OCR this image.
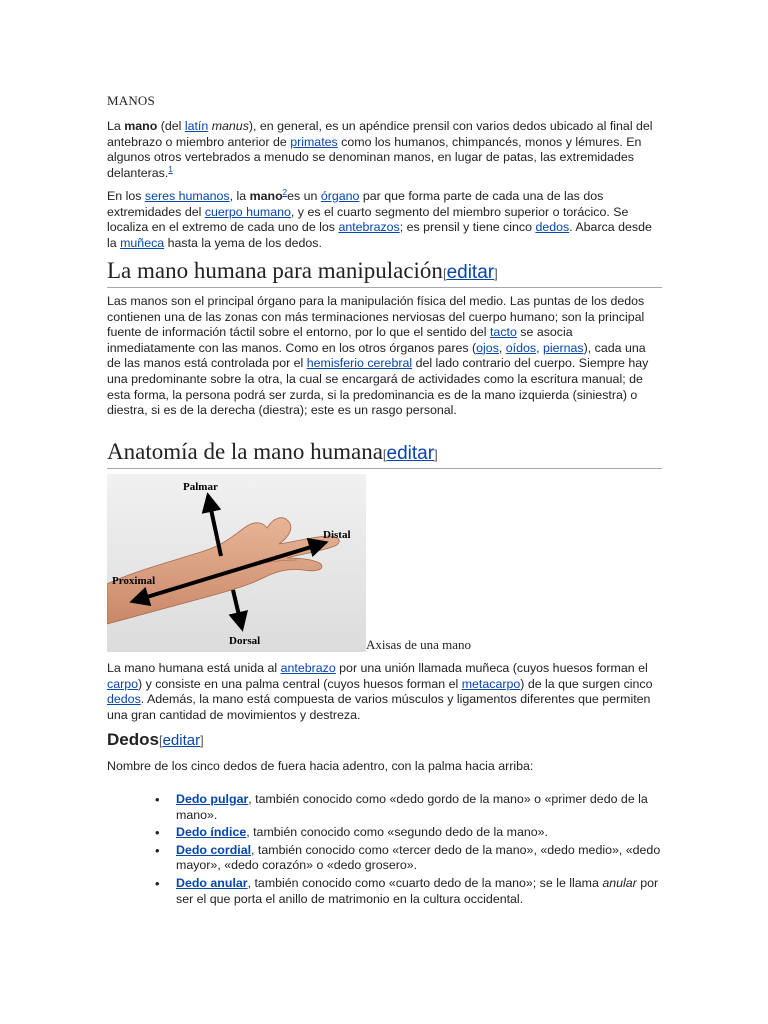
MANOS

La mano (del latín manus), en general, es un apéndice prensil con varios dedos ubicado al final del antebrazo o miembro anterior de primates como los humanos, chimpancés, monos y lémures. En algunos otros vertebrados a menudo se denominan manos, en lugar de patas, las extremidades delanteras.$^1$

En los seres humanos, la mano$^2$es un órgano par que forma parte de cada una de las dos extremidades del cuerpo humano, y es el cuarto segmento del miembro superior o torácico. Se localiza en el extremo de cada uno de los antebrazos; es prensil y tiene cinco dedos. Abarca desde la muñeca hasta la yema de los dedos.

La mano humana para manipulación[editar]

Las manos son el principal órgano para la manipulación física del medio. Las puntas de los dedos contienen una de las zonas con más terminaciones nerviosas del cuerpo humano; son la principal fuente de información táctil sobre el entorno, por lo que el sentido del tacto se asocia inmediatamente con las manos. Como en los otros órganos pares (ojos, oídos, piernas), cada una de las manos está controlada por el hemisferio cerebral del lado contrario del cuerpo. Siempre hay una predominante sobre la otra, la cual se encargará de actividades como la escritura manual; de esta forma, la persona podrá ser zurda, si la predominancia es de la mano izquierda (siniestra) o diestra, si es de la derecha (diestra); este es un rasgo personal.

Anatomía de la mano humana[editar]
Palmar
Distal
Proximal
Dorsal	Axisas de una mano

La mano humana está unida al antebrazo por una unión llamada muñeca (cuyos huesos forman el carpo) y consiste en una palma central (cuyos huesos forman el metacarpo) de la que surgen cinco dedos. Además, la mano está compuesta de varios músculos y ligamentos diferentes que permiten una gran cantidad de movimientos y destreza.

Dedos[editar]

Nombre de los cinco dedos de fuera hacia adentro, con la palma hacia arriba:

• Dedo pulgar, también conocido como «dedo gordo de la mano» o «primer dedo de la mano».
• Dedo índice, también conocido como «segundo dedo de la mano».
• Dedo cordial, también conocido como «tercer dedo de la mano», «dedo medio», «dedo mayor», «dedo corazón» o «dedo grosero».
• Dedo anular, también conocido como «cuarto dedo de la mano»; se le llama anular por ser el que porta el anillo de matrimonio en la cultura occidental.
